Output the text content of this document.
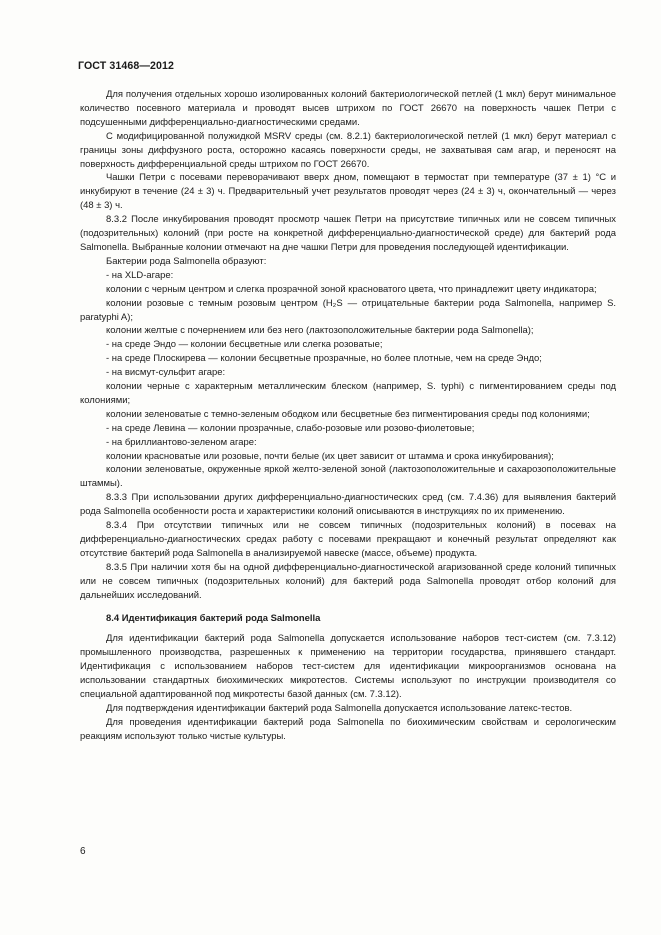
ГОСТ 31468—2012

Для получения отдельных хорошо изолированных колоний бактериологической петлей (1 мкл) берут минимальное количество посевного материала и проводят высев штрихом по ГОСТ 26670 на поверхность чашек Петри с подсушенными дифференциально-диагностическими средами.

С модифицированной полужидкой MSRV среды (см. 8.2.1) бактериологической петлей (1 мкл) берут материал с границы зоны диффузного роста, осторожно касаясь поверхности среды, не захватывая сам агар, и переносят на поверхность дифференциальной среды штрихом по ГОСТ 26670.

Чашки Петри с посевами переворачивают вверх дном, помещают в термостат при температуре (37 ± 1) °С и инкубируют в течение (24 ± 3) ч. Предварительный учет результатов проводят через (24 ± 3) ч, окончательный — через (48 ± 3) ч.

8.3.2 После инкубирования проводят просмотр чашек Петри на присутствие типичных или не совсем типичных (подозрительных) колоний (при росте на конкретной дифференциально-диагностической среде) для бактерий рода Salmonella. Выбранные колонии отмечают на дне чашки Петри для проведения последующей идентификации.

Бактерии рода Salmonella образуют:

- на XLD-агаре:

колонии с черным центром и слегка прозрачной зоной красноватого цвета, что принадлежит цвету индикатора;

колонии розовые с темным розовым центром (H₂S — отрицательные бактерии рода Salmonella, например S. paratyphi A);

колонии желтые с почернением или без него (лактозоположительные бактерии рода Salmonella);

- на среде Эндо — колонии бесцветные или слегка розоватые;

- на среде Плоскирева — колонии бесцветные прозрачные, но более плотные, чем на среде Эндо;

- на висмут-сульфит агаре:

колонии черные с характерным металлическим блеском (например, S. typhi) с пигментированием среды под колониями;

колонии зеленоватые с темно-зеленым ободком или бесцветные без пигментирования среды под колониями;

- на среде Левина — колонии прозрачные, слабо-розовые или розово-фиолетовые;

- на бриллиантово-зеленом агаре:

колонии красноватые или розовые, почти белые (их цвет зависит от штамма и срока инкубирования);

колонии зеленоватые, окруженные яркой желто-зеленой зоной (лактозоположительные и сахарозоположительные штаммы).

8.3.3 При использовании других дифференциально-диагностических сред (см. 7.4.36) для выявления бактерий рода Salmonella особенности роста и характеристики колоний описываются в инструкциях по их применению.

8.3.4 При отсутствии типичных или не совсем типичных (подозрительных колоний) в посевах на дифференциально-диагностических средах работу с посевами прекращают и конечный результат определяют как отсутствие бактерий рода Salmonella в анализируемой навеске (массе, объеме) продукта.

8.3.5 При наличии хотя бы на одной дифференциально-диагностической агаризованной среде колоний типичных или не совсем типичных (подозрительных колоний) для бактерий рода Salmonella проводят отбор колоний для дальнейших исследований.

8.4 Идентификация бактерий рода Salmonella

Для идентификации бактерий рода Salmonella допускается использование наборов тест-систем (см. 7.3.12) промышленного производства, разрешенных к применению на территории государства, принявшего стандарт. Идентификация с использованием наборов тест-систем для идентификации микроорганизмов основана на использовании стандартных биохимических микротестов. Системы используют по инструкции производителя со специальной адаптированной под микротесты базой данных (см. 7.3.12).

Для подтверждения идентификации бактерий рода Salmonella допускается использование латекс-тестов.

Для проведения идентификации бактерий рода Salmonella по биохимическим свойствам и серологическим реакциям используют только чистые культуры.

6
